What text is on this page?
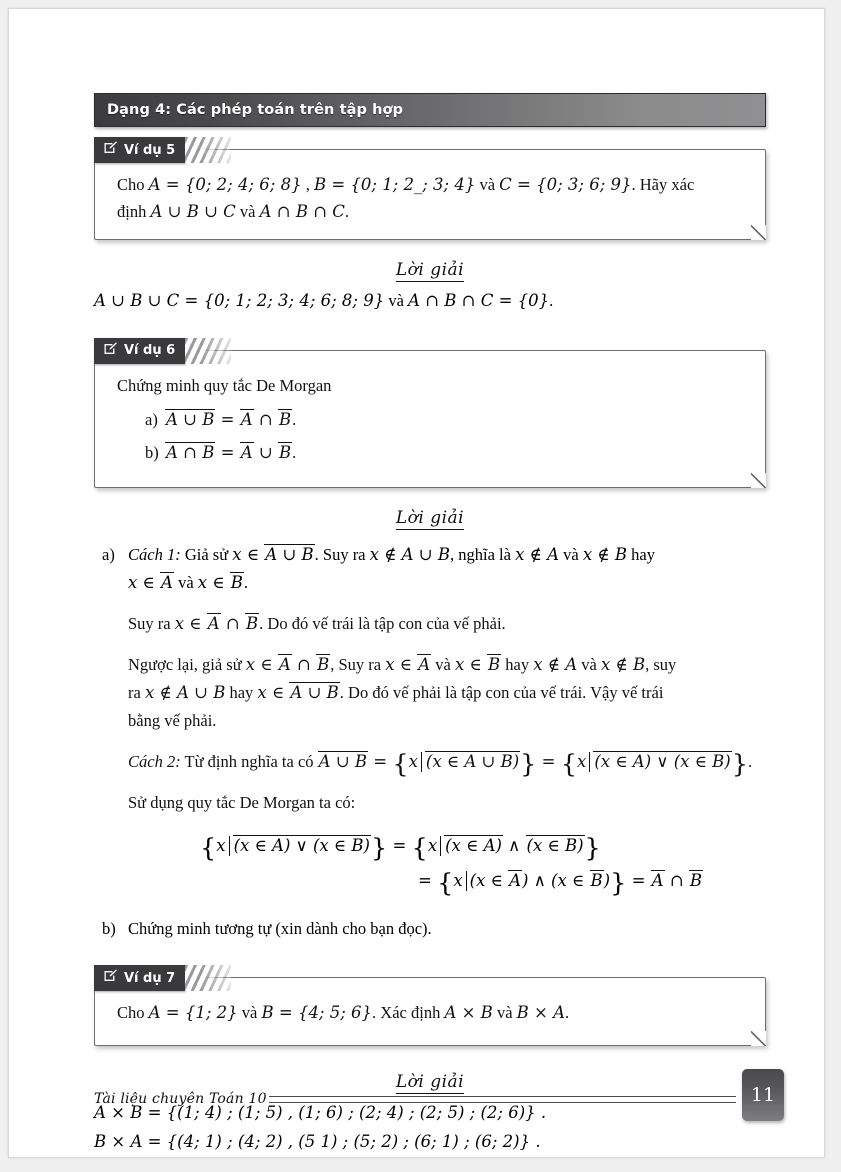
Dạng 4: Các phép toán trên tập hợp
Ví dụ 5
Cho A = {0; 2; 4; 6; 8} , B = {0; 1; 2_; 3; 4} và C = {0; 3; 6; 9}. Hãy xác
định A ∪ B ∪ C và A ∩ B ∩ C.
Lời giải
A ∪ B ∪ C = {0; 1; 2; 3; 4; 6; 8; 9} và A ∩ B ∩ C = {0}.
Ví dụ 6
Chứng minh quy tắc De Morgan
a) A ∪ B = A ∩ B.
b) A ∩ B = A ∪ B.
Lời giải
a) Cách 1: Giả sử x ∈ A ∪ B. Suy ra x ∉ A ∪ B, nghĩa là x ∉ A và x ∉ B hay
x ∈ A và x ∈ B.
Suy ra x ∈ A ∩ B. Do đó vế trái là tập con của vế phải.
Ngược lại, giả sử x ∈ A ∩ B, Suy ra x ∈ A và x ∈ B hay x ∉ A và x ∉ B, suy
ra x ∉ A ∪ B hay x ∈ A ∪ B. Do đó vế phải là tập con của vế trái. Vậy vế trái
bằng vế phải.
Cách 2: Từ định nghĩa ta có A ∪ B = {x (x ∈ A ∪ B)} = {x (x ∈ A) ∨ (x ∈ B)}.
Sử dụng quy tắc De Morgan ta có:
{x (x ∈ A) ∨ (x ∈ B)} = {x (x ∈ A) ∧ (x ∈ B)}
= {x (x ∈ A) ∧ (x ∈ B)} = A ∩ B
b) Chứng minh tương tự (xin dành cho bạn đọc).
Ví dụ 7
Cho A = {1; 2} và B = {4; 5; 6}. Xác định A × B và B × A.
Lời giải
A × B = {(1; 4) ; (1; 5) , (1; 6) ; (2; 4) ; (2; 5) ; (2; 6)} .
B × A = {(4; 1) ; (4; 2) , (5 1) ; (5; 2) ; (6; 1) ; (6; 2)} .
Tài liệu chuyên Toán 10	11
